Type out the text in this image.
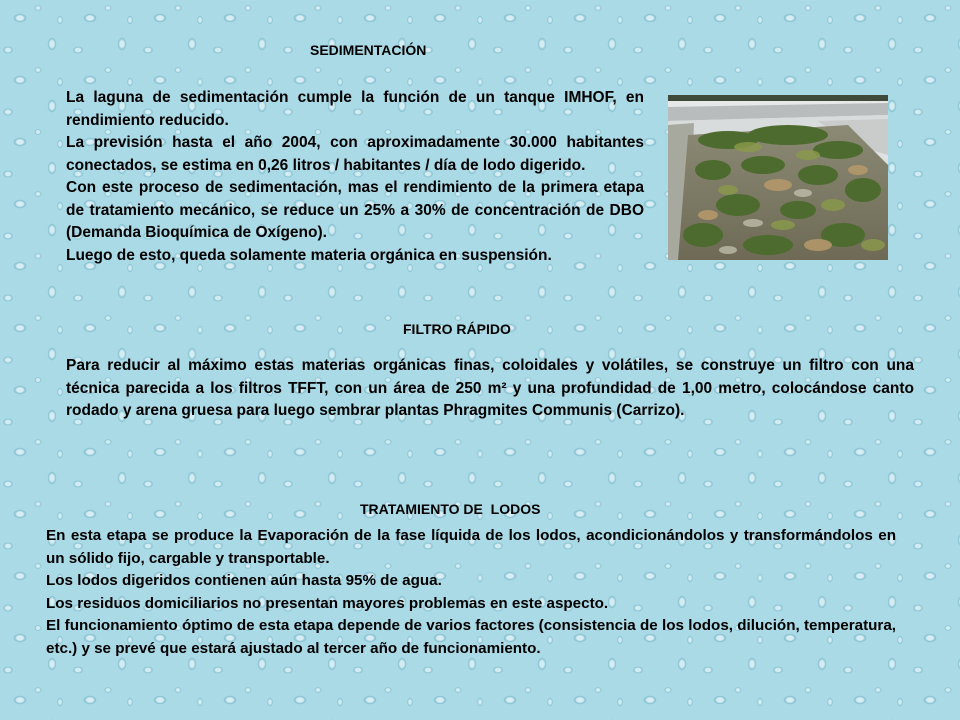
SEDIMENTACIÓN

La laguna de sedimentación cumple la función de un tanque IMHOF, en rendimiento reducido.

La previsión hasta el año 2004, con aproximadamente 30.000 habitantes conectados, se estima en 0,26 litros / habitantes / día de lodo digerido.

Con este proceso de sedimentación, mas el rendimiento de la primera etapa de tratamiento mecánico, se reduce un 25% a 30% de concentración de DBO (Demanda Bioquímica de Oxígeno).

Luego de esto, queda solamente materia orgánica en suspensión.

FILTRO RÁPIDO

Para reducir al máximo estas materias orgánicas finas, coloidales y volátiles, se construye un filtro con una técnica parecida a los filtros TFFT, con un área de 250 m² y una profundidad de 1,00 metro, colocándose canto rodado y arena gruesa para luego sembrar plantas Phragmites Communis (Carrizo).

TRATAMIENTO DE  LODOS

En esta etapa se produce la Evaporación de la fase líquida de los lodos, acondicionándolos y transformándolos en un sólido fijo, cargable y transportable.

Los lodos digeridos contienen aún hasta 95% de agua.

Los residuos domiciliarios no presentan mayores problemas en este aspecto.

El funcionamiento óptimo de esta etapa depende de varios factores (consistencia de los lodos, dilución, temperatura, etc.) y se prevé que estará ajustado al tercer año de funcionamiento.
